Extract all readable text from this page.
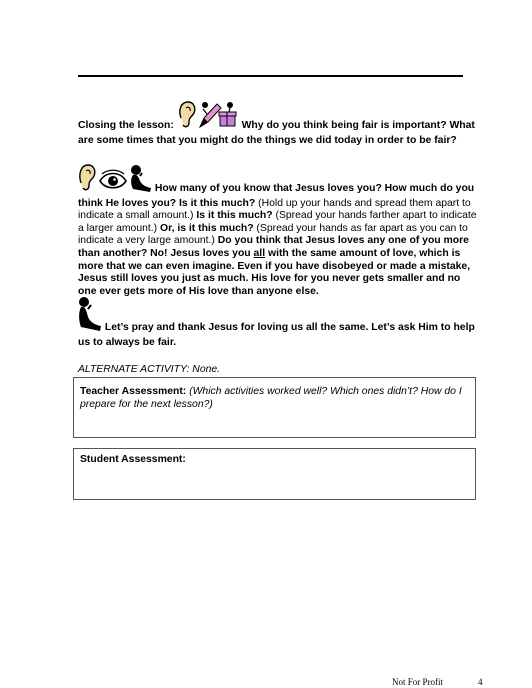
Closing the lesson:	Why do you think being fair is important? What are some times that you might do the things we did today in order to be fair?
How many of you know that Jesus loves you? How much do you think He loves you? Is it this much? (Hold up your hands and spread them apart to indicate a small amount.) Is it this much? (Spread your hands farther apart to indicate a larger amount.) Or, is it this much? (Spread your hands as far apart as you can to indicate a very large amount.) Do you think that Jesus loves any one of you more than another? No! Jesus loves you all with the same amount of love, which is more that we can even imagine. Even if you have disobeyed or made a mistake, Jesus still loves you just as much. His love for you never gets smaller and no one ever gets more of His love than anyone else.
Let’s pray and thank Jesus for loving us all the same. Let’s ask Him to help us to always be fair.
ALTERNATE ACTIVITY: None.
Teacher Assessment: (Which activities worked well? Which ones didn’t? How do I prepare for the next lesson?)
Student Assessment:
Not For Profit	4
